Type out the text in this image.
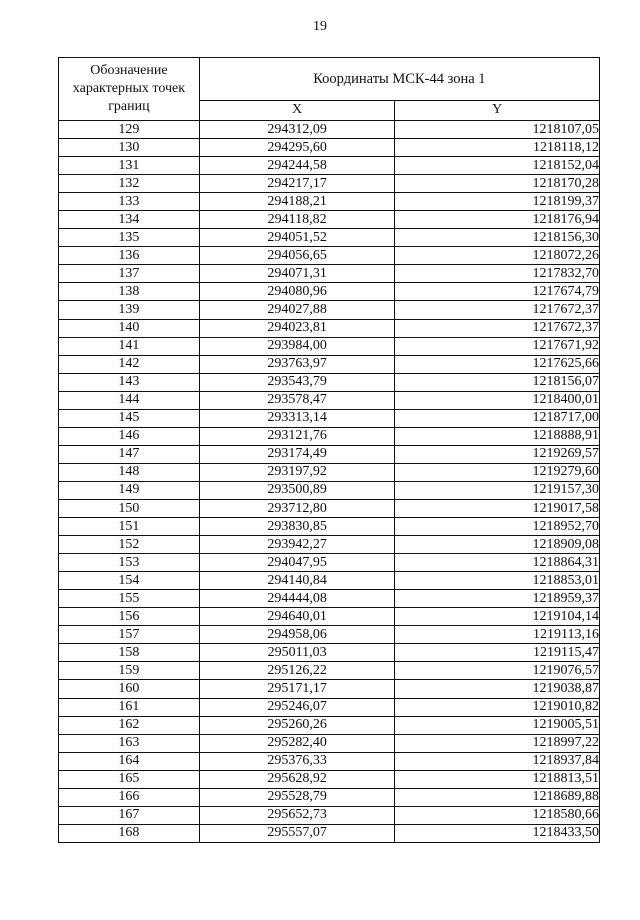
19
Обозначение характерных точек границ	Координаты МСК-44 зона 1	
	X	Y
129	294312,09	1218107,05
130	294295,60	1218118,12
131	294244,58	1218152,04
132	294217,17	1218170,28
133	294188,21	1218199,37
134	294118,82	1218176,94
135	294051,52	1218156,30
136	294056,65	1218072,26
137	294071,31	1217832,70
138	294080,96	1217674,79
139	294027,88	1217672,37
140	294023,81	1217672,37
141	293984,00	1217671,92
142	293763,97	1217625,66
143	293543,79	1218156,07
144	293578,47	1218400,01
145	293313,14	1218717,00
146	293121,76	1218888,91
147	293174,49	1219269,57
148	293197,92	1219279,60
149	293500,89	1219157,30
150	293712,80	1219017,58
151	293830,85	1218952,70
152	293942,27	1218909,08
153	294047,95	1218864,31
154	294140,84	1218853,01
155	294444,08	1218959,37
156	294640,01	1219104,14
157	294958,06	1219113,16
158	295011,03	1219115,47
159	295126,22	1219076,57
160	295171,17	1219038,87
161	295246,07	1219010,82
162	295260,26	1219005,51
163	295282,40	1218997,22
164	295376,33	1218937,84
165	295628,92	1218813,51
166	295528,79	1218689,88
167	295652,73	1218580,66
168	295557,07	1218433,50
